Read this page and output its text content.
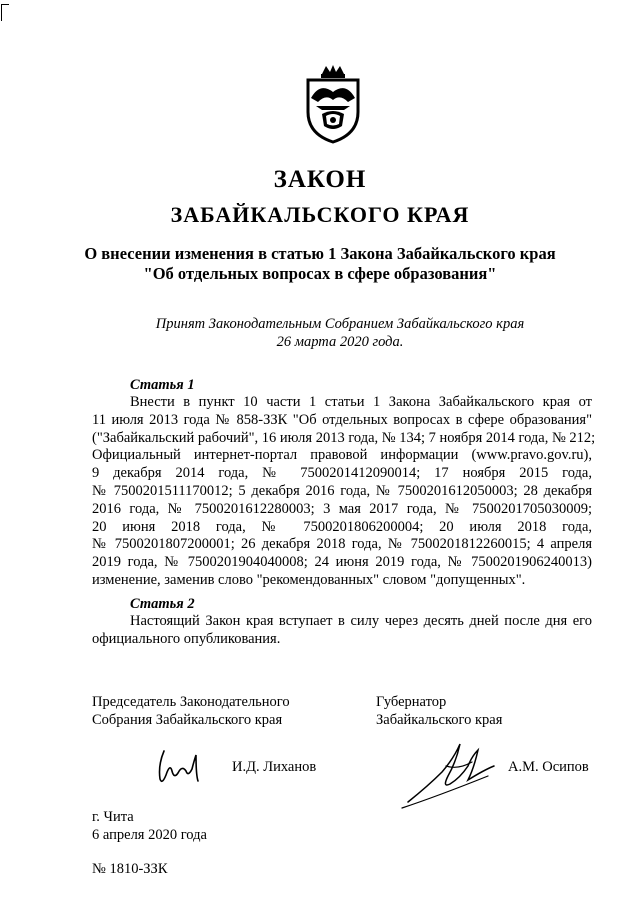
ЗАКОН
ЗАБАЙКАЛЬСКОГО КРАЯ
О внесении изменения в статью 1 Закона Забайкальского края
"Об отдельных вопросах в сфере образования"
Принят Законодательным Собранием Забайкальского края
26 марта 2020 года.
Статья 1
Внести в пункт 10 части 1 статьи 1 Закона Забайкальского края от
11 июля 2013 года № 858-ЗЗК "Об отдельных вопросах в сфере образования"
("Забайкальский рабочий", 16 июля 2013 года, № 134; 7 ноября 2014 года, № 212;
Официальный интернет-портал правовой информации (www.pravo.gov.ru),
9 декабря 2014 года, № 7500201412090014; 17 ноября 2015 года,
№ 7500201511170012; 5 декабря 2016 года, № 7500201612050003; 28 декабря
2016 года, № 7500201612280003; 3 мая 2017 года, № 7500201705030009;
20 июня 2018 года, № 7500201806200004; 20 июля 2018 года,
№ 7500201807200001; 26 декабря 2018 года, № 7500201812260015; 4 апреля
2019 года, № 7500201904040008; 24 июня 2019 года, № 7500201906240013)
изменение, заменив слово "рекомендованных" словом "допущенных".
Статья 2
Настоящий Закон края вступает в силу через десять дней после дня его
официального опубликования.
Председатель Законодательного
Собрания Забайкальского края
И.Д. Лиханов
Губернатор
Забайкальского края
А.М. Осипов
г. Чита
6 апреля 2020 года
№ 1810-ЗЗК
